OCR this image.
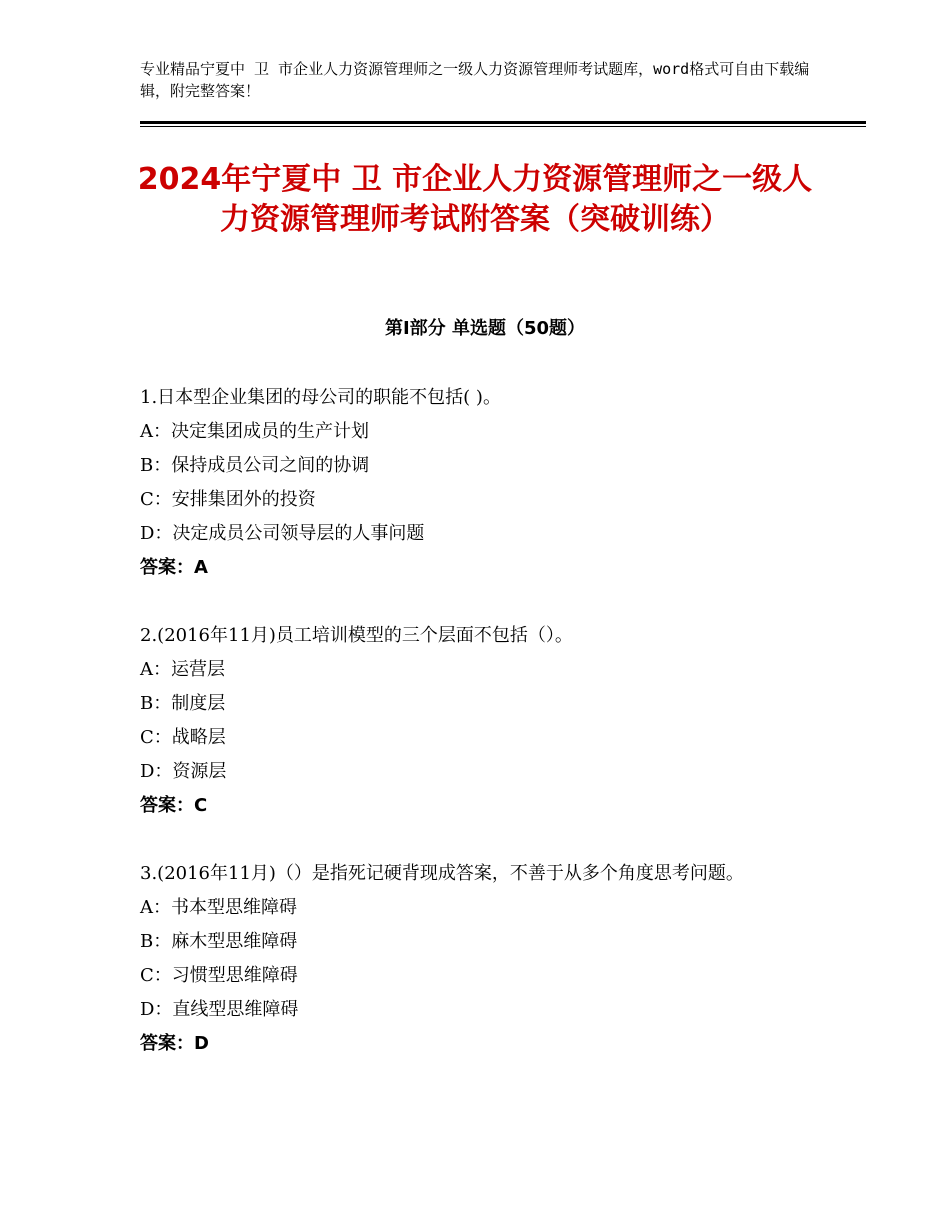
专业精品宁夏中 卫 市企业人力资源管理师之一级人力资源管理师考试题库，word格式可自由下载编辑，附完整答案！
2024年宁夏中 卫 市企业人力资源管理师之一级人力资源管理师考试附答案（突破训练）
第Ⅰ部分 单选题（50题）
1.日本型企业集团的母公司的职能不包括( )。
A：决定集团成员的生产计划
B：保持成员公司之间的协调
C：安排集团外的投资
D：决定成员公司领导层的人事问题
答案：A
2.(2016年11月)员工培训模型的三个层面不包括（）。
A：运营层
B：制度层
C：战略层
D：资源层
答案：C
3.(2016年11月)（）是指死记硬背现成答案，不善于从多个角度思考问题。
A：书本型思维障碍
B：麻木型思维障碍
C：习惯型思维障碍
D：直线型思维障碍
答案：D
